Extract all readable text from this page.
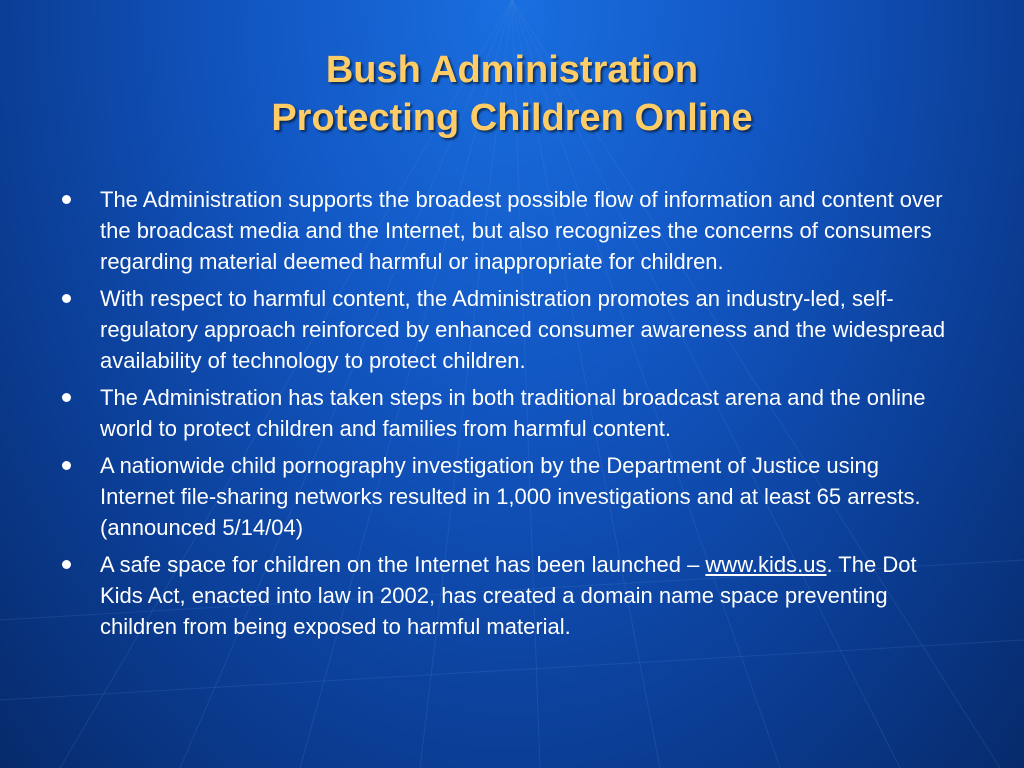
Bush Administration
Protecting Children Online
The Administration supports the broadest possible flow of information and content over the broadcast media and the Internet, but also recognizes the concerns of consumers regarding material deemed harmful or inappropriate for children.
With respect to harmful content, the Administration promotes an industry-led, self-regulatory approach reinforced by enhanced consumer awareness and the widespread availability of technology to protect children.
The Administration has taken steps in both traditional broadcast arena and the online world to protect children and families from harmful content.
A nationwide child pornography investigation by the Department of Justice using Internet file-sharing networks resulted in 1,000 investigations and at least 65 arrests. (announced 5/14/04)
A safe space for children on the Internet has been launched – www.kids.us. The Dot Kids Act, enacted into law in 2002, has created a domain name space preventing children from being exposed to harmful material.
